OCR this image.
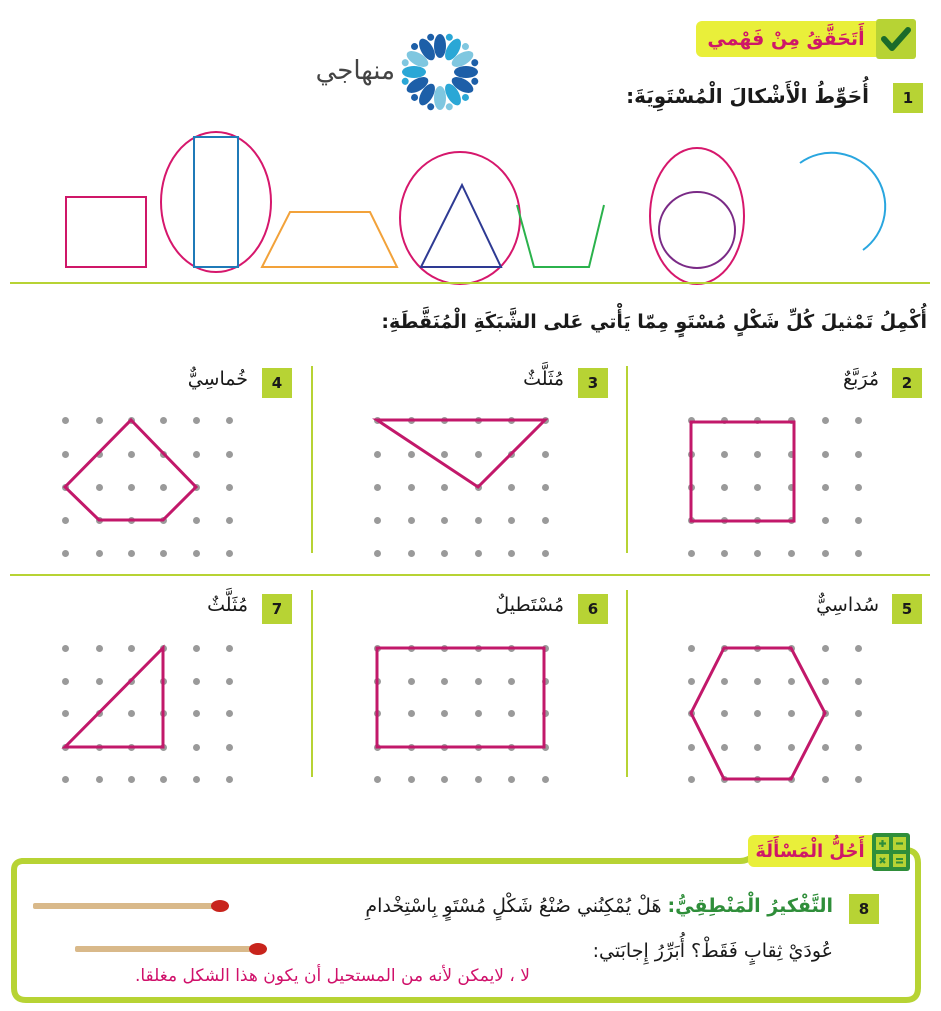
أَتَحَقَّقُ مِنْ فَهْمي
منهاجي
1
أُحَوِّطُ الْأَشْكالَ الْمُسْتَوِيَةَ:
أُكْمِلُ تَمْثيلَ كُلِّ شَكْلٍ مُسْتَوٍ مِمّا يَأْتي عَلى الشَّبَكَةِ الْمُنَقَّطَةِ:
2
مُرَبَّعٌ
3
مُثَلَّثٌ
4
خُماسِيٌّ
5
سُداسِيٌّ
6
مُسْتَطيلٌ
7
مُثَلَّثٌ
أَحُلُّ الْمَسْأَلَةَ
8
التَّفْكيرُ الْمَنْطِقِيُّ: هَلْ يُمْكِنُني صُنْعُ شَكْلٍ مُسْتَوٍ بِاسْتِخْدامِ
عُودَيْ ثِقابٍ فَقَطْ؟ أُبَرِّرُ إِجابَتي:
لا ، لايمكن لأنه من المستحيل أن يكون هذا الشكل مغلقا.
